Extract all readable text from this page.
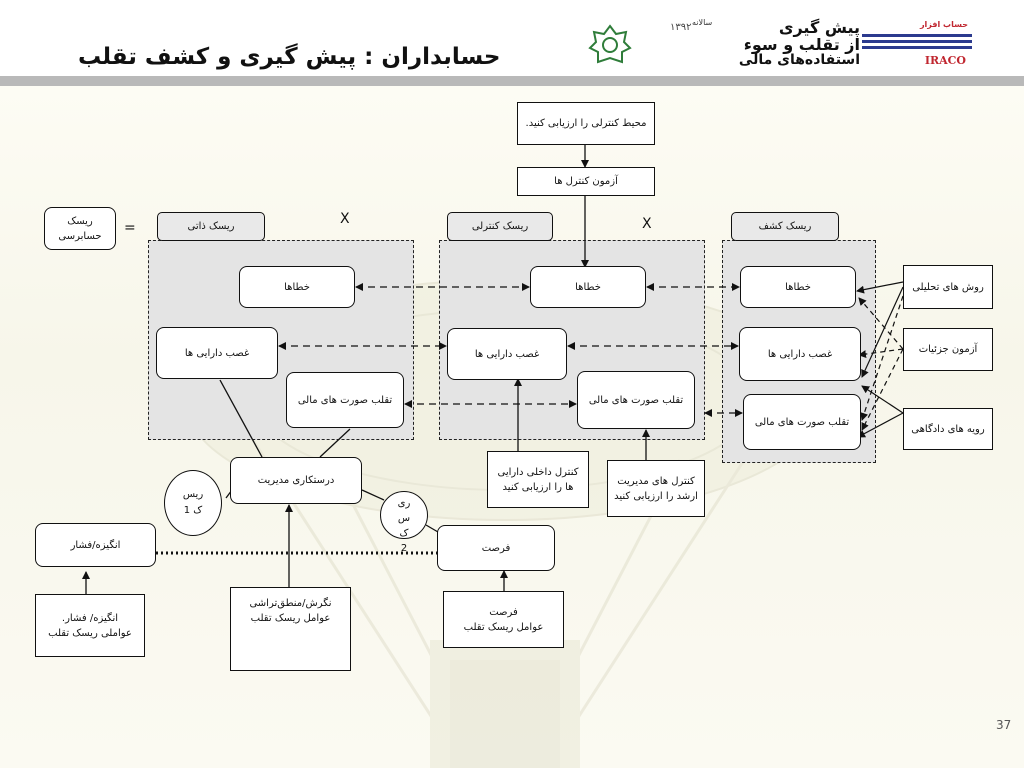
حسابداران : پیش گیری و کشف تقلب
پیش گیری
سالانه
از تقلب و سوء
استفاده‌های مالی
۱۳۹۲	حساب افزار
IRACO
محیط کنترلی را ارزیابی کنید.
آزمون کنترل ها
ریسک حسابرسی	=
X	X
ریسک ذاتی	ریسک کنترلی	ریسک کشف
خطاها
غصب دارایی ها
تقلب صورت های مالی
خطاها
غصب دارایی ها
تقلب صورت های مالی
خطاها
غصب دارایی ها
تقلب صورت های مالی
روش های تحلیلی
آزمون جزئیات
رویه های دادگاهی
کنترل داخلی دارایی ها را ارزیابی کنید
کنترل های مدیریت ارشد را ارزیابی کنید
درستکاری مدیریت
ریس
ک 1
ری
س
ک
2
انگیزه/فشار	فرصت
انگیزه/ فشار.
عواملی ریسک تقلب
نگرش/منطق‌تراشی
عوامل ریسک تقلب
فرصت
عوامل ریسک تقلب
37
